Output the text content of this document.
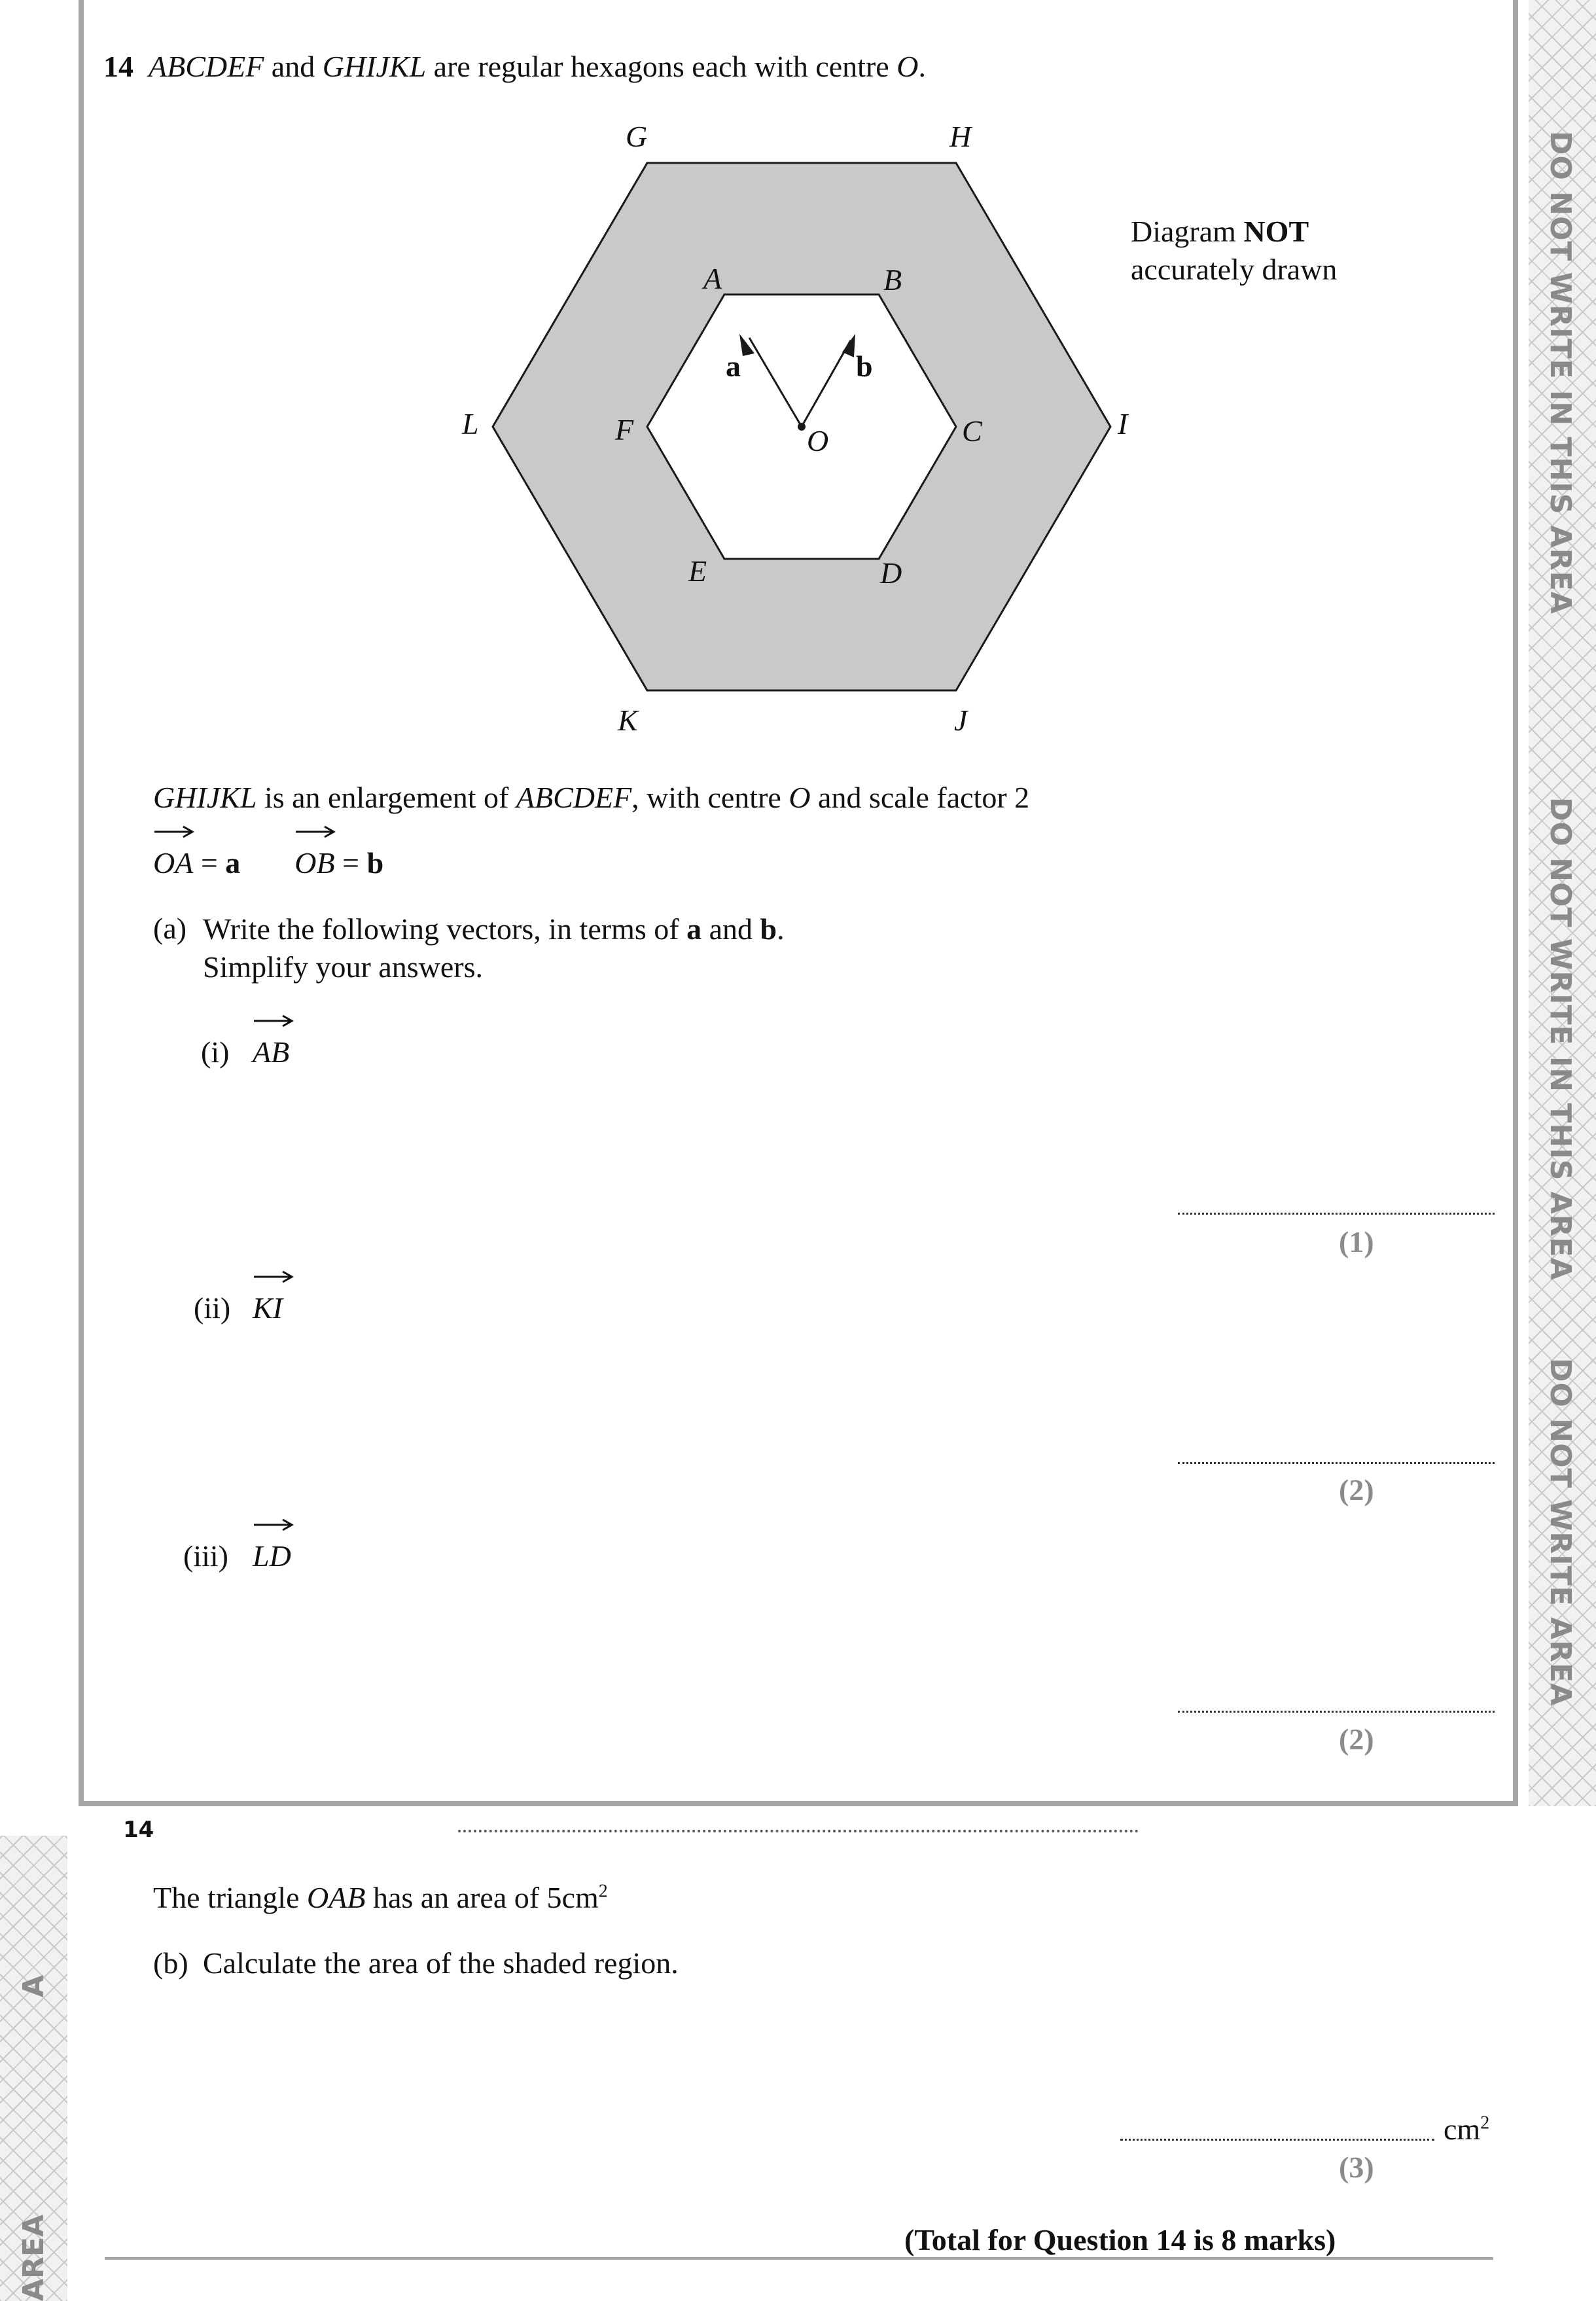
DO NOT WRITE IN THIS AREA
DO NOT WRITE IN THIS AREA
DO NOT WRITE AREA
A
AREA
14 ABCDEF and GHIJKL are regular hexagons each with centre O.
G	H
L	I
K	J
A	B
F	C
E	D
O
a	b
Diagram NOT
accurately drawn
GHIJKL is an enlargement of ABCDEF, with centre O and scale factor 2
OA = a OB = b
(a) Write the following vectors, in terms of a and b.
Simplify your answers.
(i) AB
(1)
(ii) KI
(2)
(iii) LD
(2)
14
The triangle OAB has an area of $5cm^2$
(b) Calculate the area of the shaded region.
$cm^2$
(3)
(Total for Question 14 is 8 marks)
